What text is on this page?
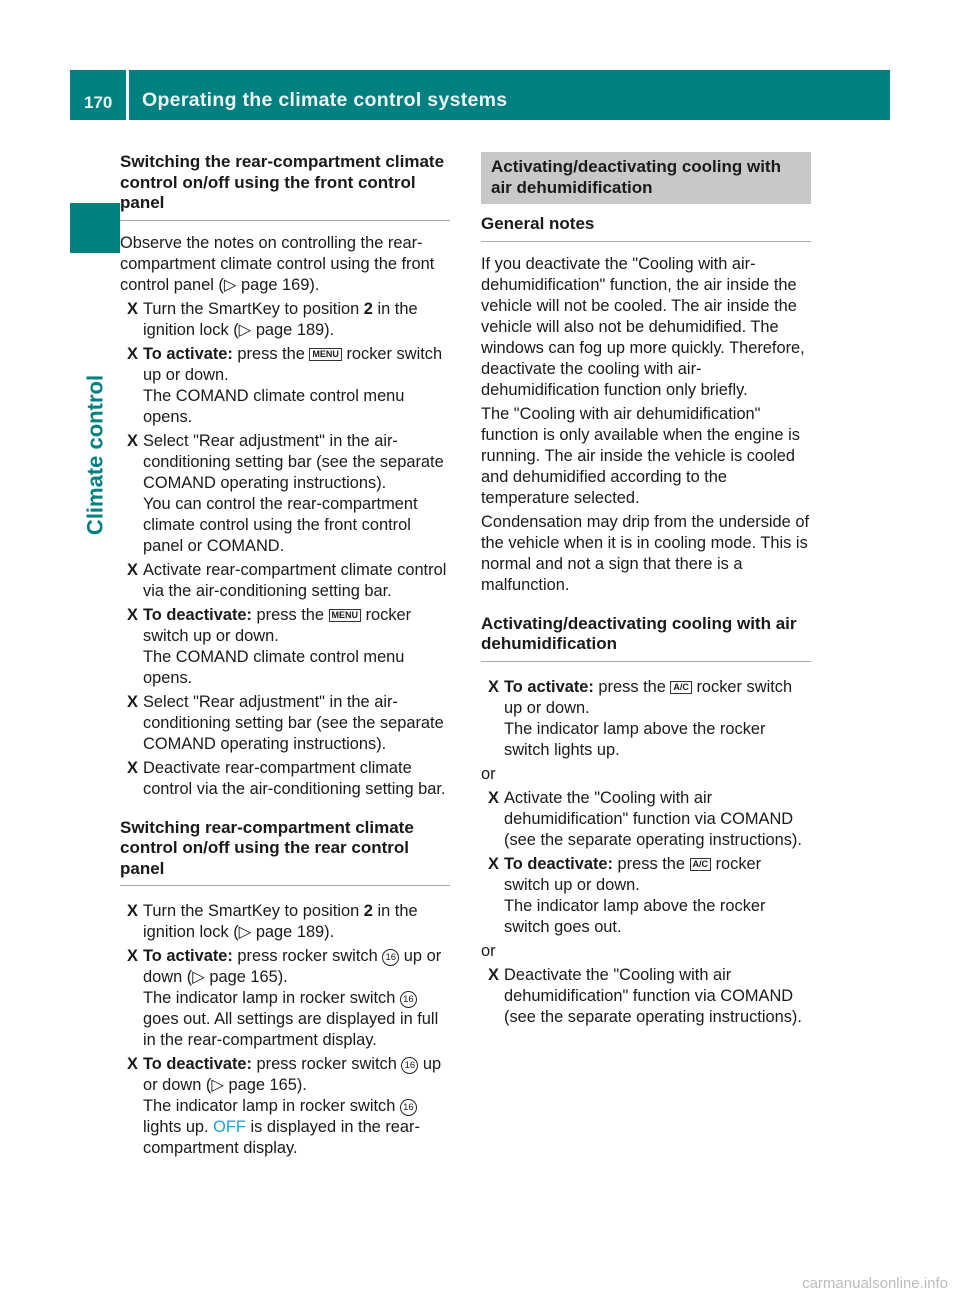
170 Operating the climate control systems
Climate control
Switching the rear-compartment climate control on/off using the front control panel

Observe the notes on controlling the rear-compartment climate control using the front control panel (▷ page 169).

X Turn the SmartKey to position 2 in the ignition lock (▷ page 189).
X To activate: press the MENU rocker switch up or down.
The COMAND climate control menu opens.
X Select "Rear adjustment" in the air-conditioning setting bar (see the separate COMAND operating instructions).
You can control the rear-compartment climate control using the front control panel or COMAND.
X Activate rear-compartment climate control via the air-conditioning setting bar.
X To deactivate: press the MENU rocker switch up or down.
The COMAND climate control menu opens.
X Select "Rear adjustment" in the air-conditioning setting bar (see the separate COMAND operating instructions).
X Deactivate rear-compartment climate control via the air-conditioning setting bar.
Switching rear-compartment climate control on/off using the rear control panel
X Turn the SmartKey to position 2 in the ignition lock (▷ page 189).
X To activate: press rocker switch 16 up or down (▷ page 165).
The indicator lamp in rocker switch 16 goes out. All settings are displayed in full in the rear-compartment display.
X To deactivate: press rocker switch 16 up or down (▷ page 165).
The indicator lamp in rocker switch 16 lights up. OFF is displayed in the rear-compartment display.
Activating/deactivating cooling with air dehumidification
General notes

If you deactivate the "Cooling with air-dehumidification" function, the air inside the vehicle will not be cooled. The air inside the vehicle will also not be dehumidified. The windows can fog up more quickly. Therefore, deactivate the cooling with air-dehumidification function only briefly.

The "Cooling with air dehumidification" function is only available when the engine is running. The air inside the vehicle is cooled and dehumidified according to the temperature selected.

Condensation may drip from the underside of the vehicle when it is in cooling mode. This is normal and not a sign that there is a malfunction.

Activating/deactivating cooling with air dehumidification
X To activate: press the A/C rocker switch up or down.
The indicator lamp above the rocker switch lights up.

or

X Activate the "Cooling with air dehumidification" function via COMAND (see the separate operating instructions).
X To deactivate: press the A/C rocker switch up or down.
The indicator lamp above the rocker switch goes out.

or

X Deactivate the "Cooling with air dehumidification" function via COMAND (see the separate operating instructions).
carmanualsonline.info
